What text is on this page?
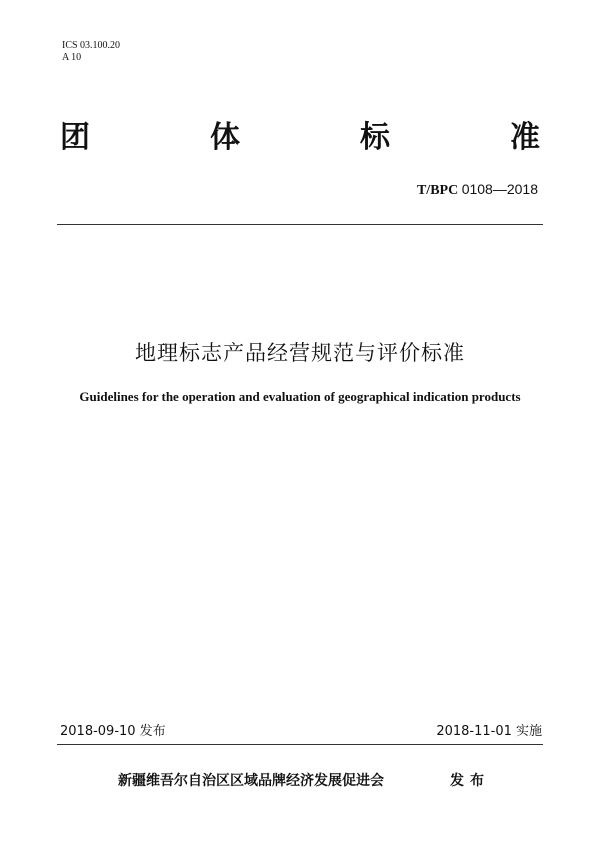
ICS 03.100.20
A 10
团	体	标	准
T/BPC 0108—2018
地理标志产品经营规范与评价标准
Guidelines for the operation and evaluation of geographical indication products
2018-09-10 发布	2018-11-01 实施
新疆维吾尔自治区区域品牌经济发展促进会	发布
